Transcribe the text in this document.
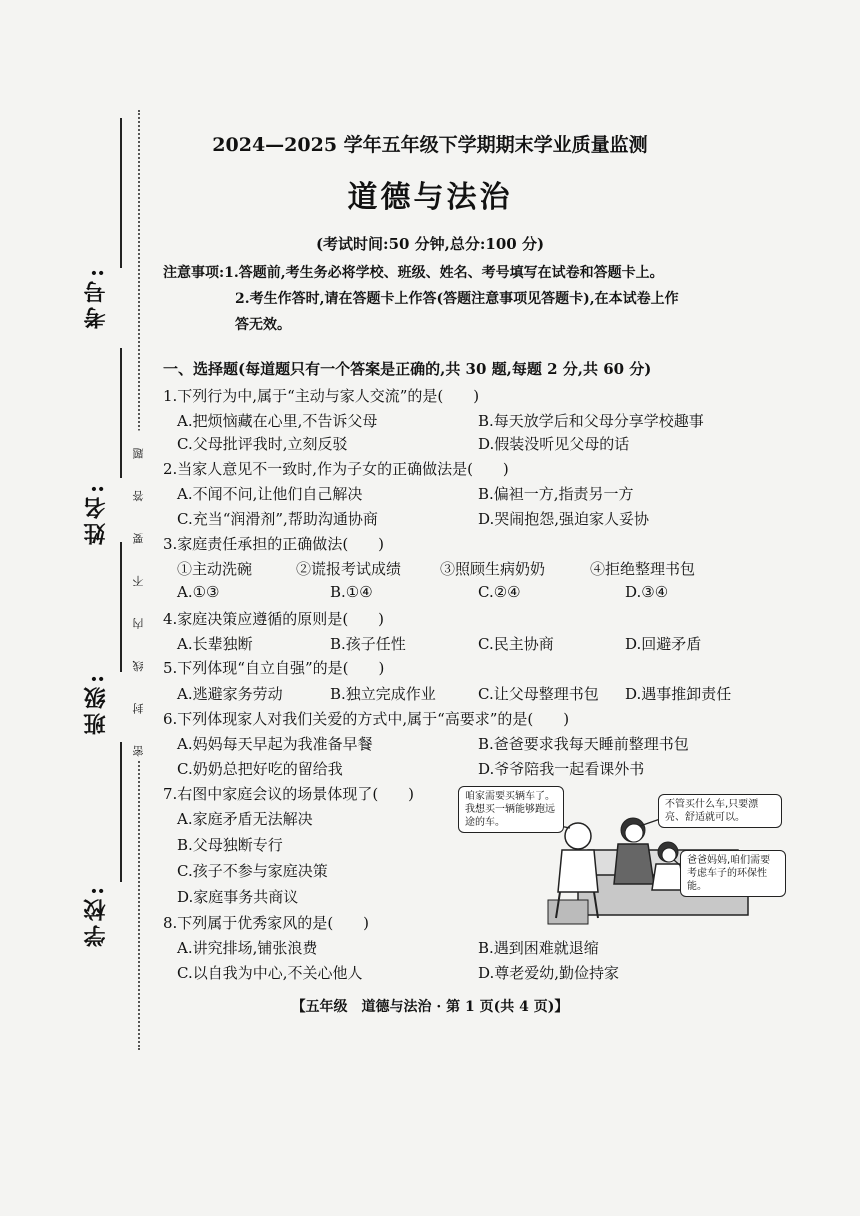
考号:
姓名:
班级:
学校:
密 封 线 内 不 要 答 题
2024—2025 学年五年级下学期期末学业质量监测
道德与法治
(考试时间:50 分钟,总分:100 分)
注意事项:1.答题前,考生务必将学校、班级、姓名、考号填写在试卷和答题卡上。
2.考生作答时,请在答题卡上作答(答题注意事项见答题卡),在本试卷上作
答无效。
一、选择题(每道题只有一个答案是正确的,共 30 题,每题 2 分,共 60 分)
1.下列行为中,属于“主动与家人交流”的是(　　)
A.把烦恼藏在心里,不告诉父母	B.每天放学后和父母分享学校趣事
C.父母批评我时,立刻反驳	D.假装没听见父母的话
2.当家人意见不一致时,作为子女的正确做法是(　　)
A.不闻不问,让他们自己解决	B.偏袒一方,指责另一方
C.充当“润滑剂”,帮助沟通协商	D.哭闹抱怨,强迫家人妥协
3.家庭责任承担的正确做法(　　)
①主动洗碗	②谎报考试成绩	③照顾生病奶奶	④拒绝整理书包
A.①③	B.①④	C.②④	D.③④
4.家庭决策应遵循的原则是(　　)
A.长辈独断	B.孩子任性	C.民主协商	D.回避矛盾
5.下列体现“自立自强”的是(　　)
A.逃避家务劳动	B.独立完成作业	C.让父母整理书包 D.遇事推卸责任
6.下列体现家人对我们关爱的方式中,属于“高要求”的是(　　)
A.妈妈每天早起为我准备早餐	B.爸爸要求我每天睡前整理书包
C.奶奶总把好吃的留给我	D.爷爷陪我一起看课外书
7.右图中家庭会议的场景体现了(　　)
A.家庭矛盾无法解决
B.父母独断专行
C.孩子不参与家庭决策
D.家庭事务共商议
咱家需要买辆车了。我想买一辆能够跑远途的车。
不管买什么车,只要漂亮、舒适就可以。
爸爸妈妈,咱们需要考虑车子的环保性能。
8.下列属于优秀家风的是(　　)
A.讲究排场,铺张浪费	B.遇到困难就退缩
C.以自我为中心,不关心他人	D.尊老爱幼,勤俭持家
【五年级　道德与法治 · 第 1 页(共 4 页)】
